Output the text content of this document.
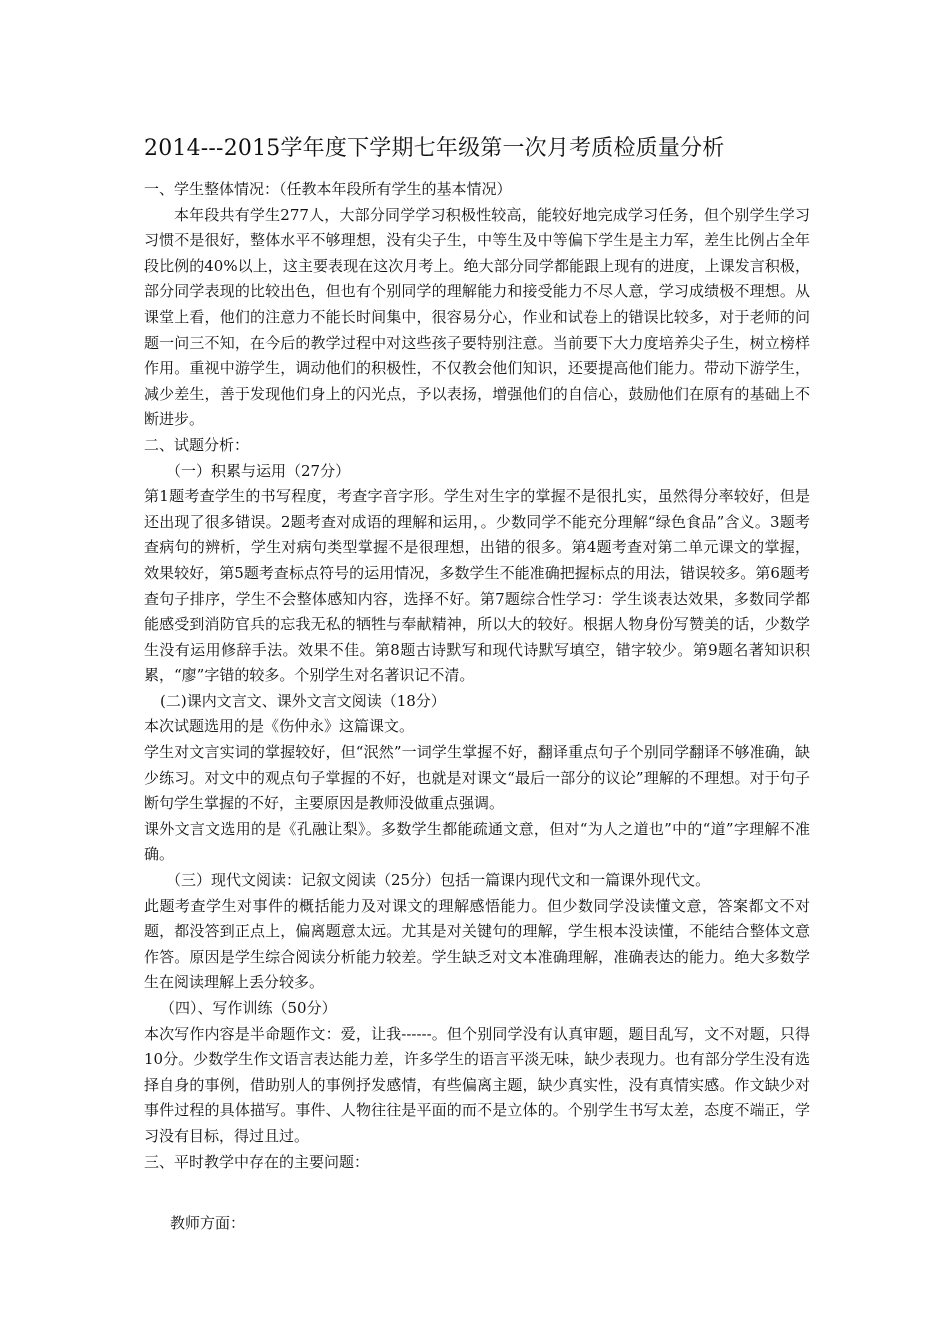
2014---2015学年度下学期七年级第一次月考质检质量分析

一、学生整体情况：（任教本年段所有学生的基本情况）

本年段共有学生277人，大部分同学学习积极性较高，能较好地完成学习任务，但个别学生学习习惯不是很好，整体水平不够理想，没有尖子生，中等生及中等偏下学生是主力军，差生比例占全年段比例的40%以上，这主要表现在这次月考上。绝大部分同学都能跟上现有的进度，上课发言积极，部分同学表现的比较出色，但也有个别同学的理解能力和接受能力不尽人意，学习成绩极不理想。从课堂上看，他们的注意力不能长时间集中，很容易分心，作业和试卷上的错误比较多，对于老师的问题一问三不知，在今后的教学过程中对这些孩子要特别注意。当前要下大力度培养尖子生，树立榜样作用。重视中游学生，调动他们的积极性，不仅教会他们知识，还要提高他们能力。带动下游学生，减少差生，善于发现他们身上的闪光点，予以表扬，增强他们的自信心，鼓励他们在原有的基础上不断进步。

二、试题分析：

（一）积累与运用（27分）

第1题考查学生的书写程度，考查字音字形。学生对生字的掌握不是很扎实，虽然得分率较好，但是还出现了很多错误。2题考查对成语的理解和运用，。少数同学不能充分理解“绿色食品”含义。3题考查病句的辨析，学生对病句类型掌握不是很理想，出错的很多。第4题考查对第二单元课文的掌握，效果较好，第5题考查标点符号的运用情况，多数学生不能准确把握标点的用法，错误较多。第6题考查句子排序，学生不会整体感知内容，选择不好。第7题综合性学习：学生谈表达效果，多数同学都能感受到消防官兵的忘我无私的牺牲与奉献精神，所以大的较好。根据人物身份写赞美的话，少数学生没有运用修辞手法。效果不佳。第8题古诗默写和现代诗默写填空，错字较少。第9题名著知识积累，“廖”字错的较多。个别学生对名著识记不清。

(二)课内文言文、课外文言文阅读（18分）

本次试题选用的是《伤仲永》这篇课文。

学生对文言实词的掌握较好，但“泯然”一词学生掌握不好，翻译重点句子个别同学翻译不够准确，缺少练习。对文中的观点句子掌握的不好，也就是对课文“最后一部分的议论”理解的不理想。对于句子断句学生掌握的不好，主要原因是教师没做重点强调。

课外文言文选用的是《孔融让梨》。多数学生都能疏通文意，但对“为人之道也”中的“道”字理解不准确。

（三）现代文阅读：记叙文阅读（25分）包括一篇课内现代文和一篇课外现代文。

此题考查学生对事件的概括能力及对课文的理解感悟能力。但少数同学没读懂文意，答案都文不对题，都没答到正点上，偏离题意太远。尤其是对关键句的理解，学生根本没读懂，不能结合整体文意作答。原因是学生综合阅读分析能力较差。学生缺乏对文本准确理解，准确表达的能力。绝大多数学生在阅读理解上丢分较多。

（四）、写作训练（50分）

本次写作内容是半命题作文：爱，让我------。但个别同学没有认真审题，题目乱写，文不对题，只得10分。少数学生作文语言表达能力差，许多学生的语言平淡无味，缺少表现力。也有部分学生没有选择自身的事例，借助别人的事例抒发感情，有些偏离主题，缺少真实性，没有真情实感。作文缺少对事件过程的具体描写。事件、人物往往是平面的而不是立体的。个别学生书写太差，态度不端正，学习没有目标，得过且过。

三、平时教学中存在的主要问题：

教师方面：
